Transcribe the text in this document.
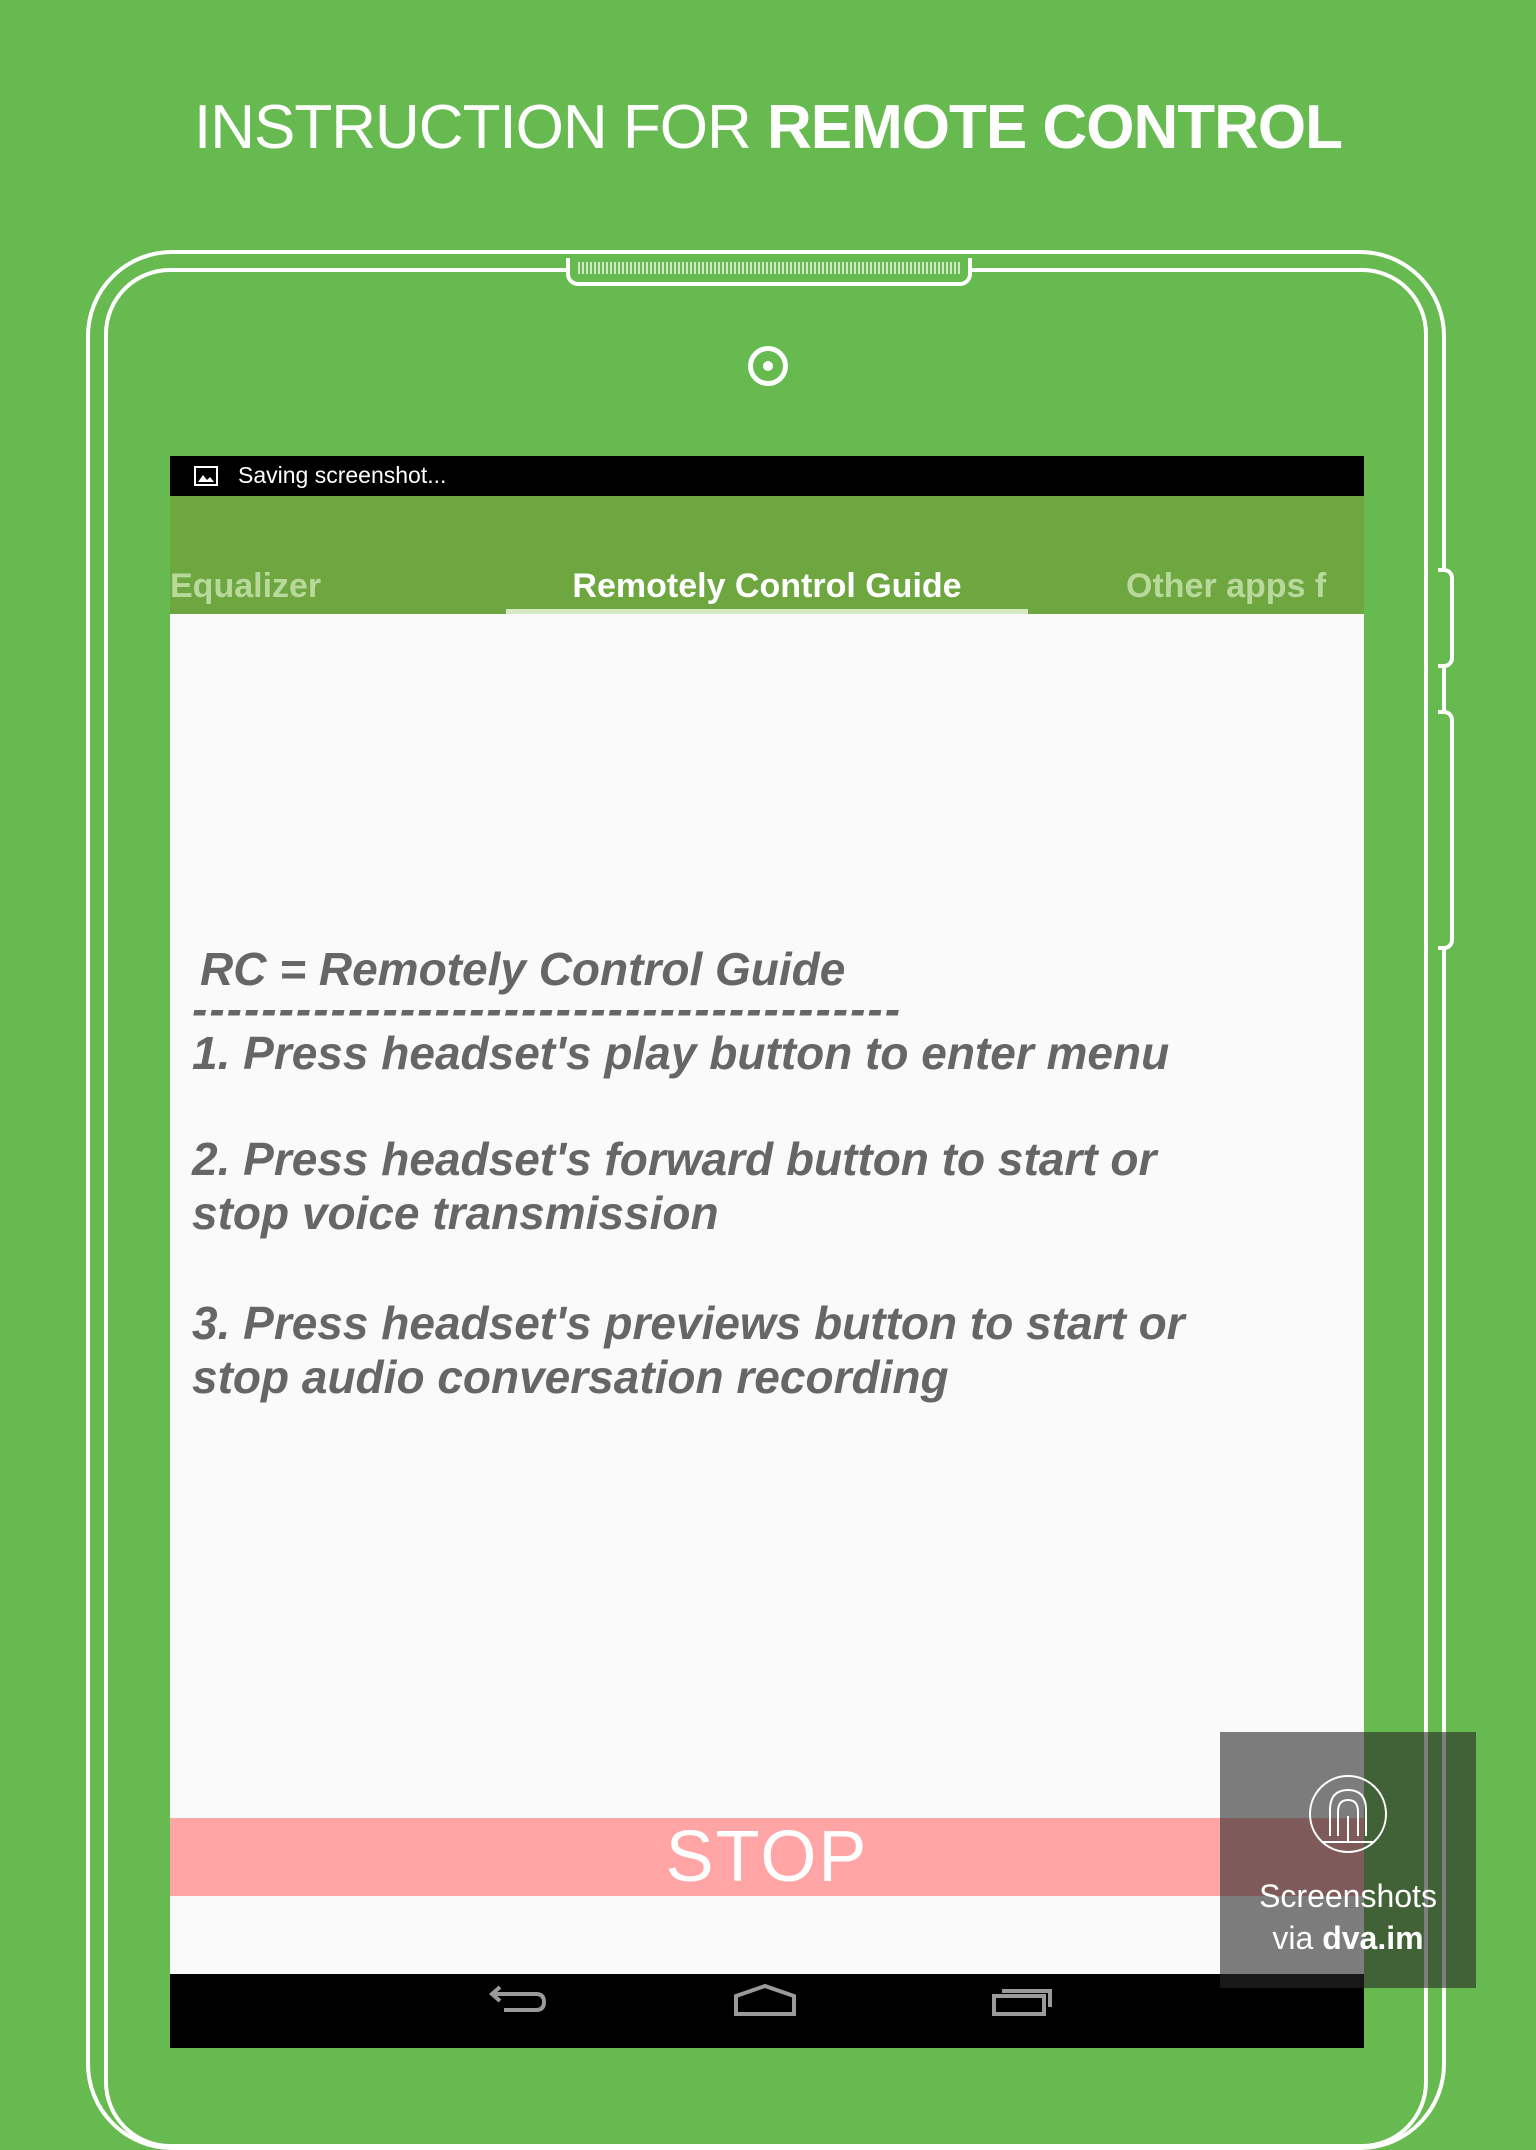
INSTRUCTION FOR REMOTE CONTROL
Saving screenshot...
Equalizer	Remotely Control Guide	Other apps f
RC = Remotely Control Guide
-----------------------------------------
1. Press headset's play button to enter menu
2. Press headset's forward button to start or
stop voice transmission
3. Press headset's previews button to start or
stop audio conversation recording
STOP	Screenshots
via dva.im
